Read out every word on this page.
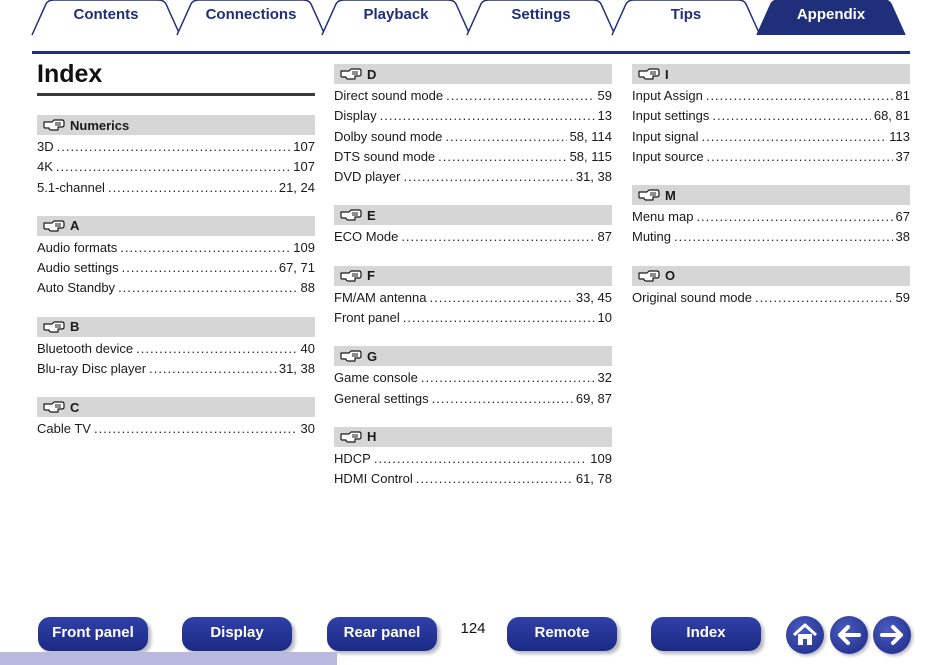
Contents	Connections	Playback	Settings	Tips	Appendix
Index
Numerics
3D .....	107
4K .....	107
5.1-channel .....	21, 24
A
Audio formats .....	109
Audio settings .....	67, 71
Auto Standby .....	88
B
Bluetooth device .....	40
Blu-ray Disc player .....	31, 38
C
Cable TV .....	30
D
Direct sound mode .....	59
Display .....	13
Dolby sound mode .....	58, 114
DTS sound mode .....	58, 115
DVD player .....	31, 38
E
ECO Mode .....	87
F
FM/AM antenna .....	33, 45
Front panel .....	10
G
Game console .....	32
General settings .....	69, 87
H
HDCP .....	109
HDMI Control .....	61, 78
I
Input Assign .....	81
Input settings .....	68, 81
Input signal .....	113
Input source .....	37
M
Menu map .....	67
Muting .....	38
O
Original sound mode .....	59
Front panel	Display	Rear panel	124	Remote	Index
